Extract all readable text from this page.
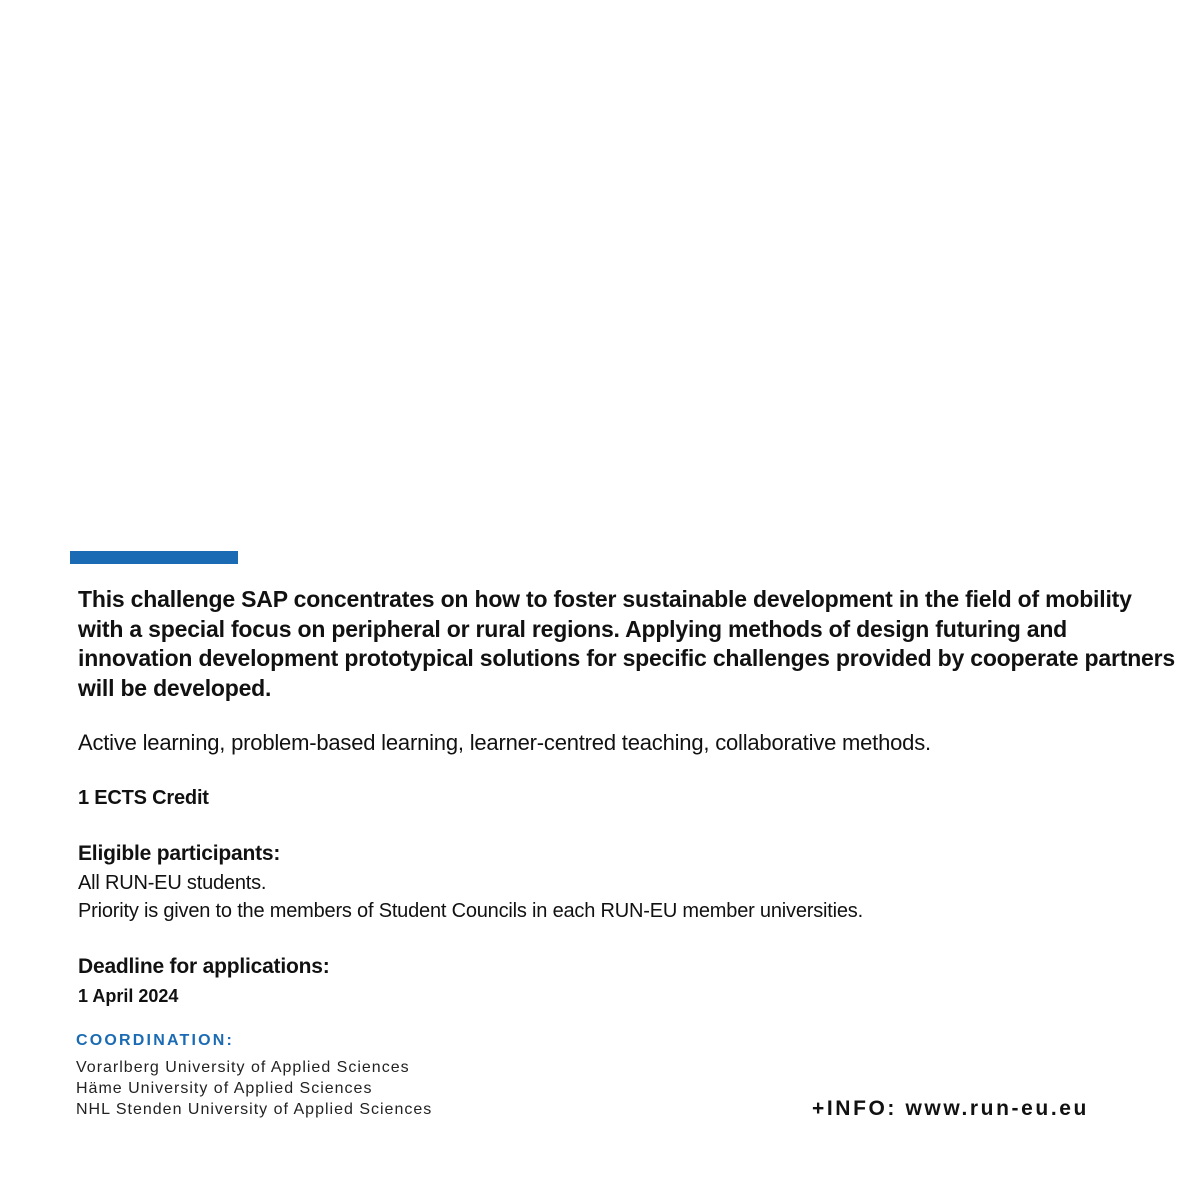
This challenge SAP concentrates on how to foster sustainable development in the field of mobility with a special focus on peripheral or rural regions. Applying methods of design futuring and innovation development prototypical solutions for specific challenges provided by cooperate partners will be developed.

Active learning, problem-based learning, learner-centred teaching, collaborative methods.

1 ECTS Credit

Eligible participants:

All RUN-EU students.

Priority is given to the members of Student Councils in each RUN-EU member universities.

Deadline for applications:

1 April 2024

COORDINATION:

Vorarlberg University of Applied Sciences
Häme University of Applied Sciences
NHL Stenden University of Applied Sciences	+INFO: www.run-eu.eu
